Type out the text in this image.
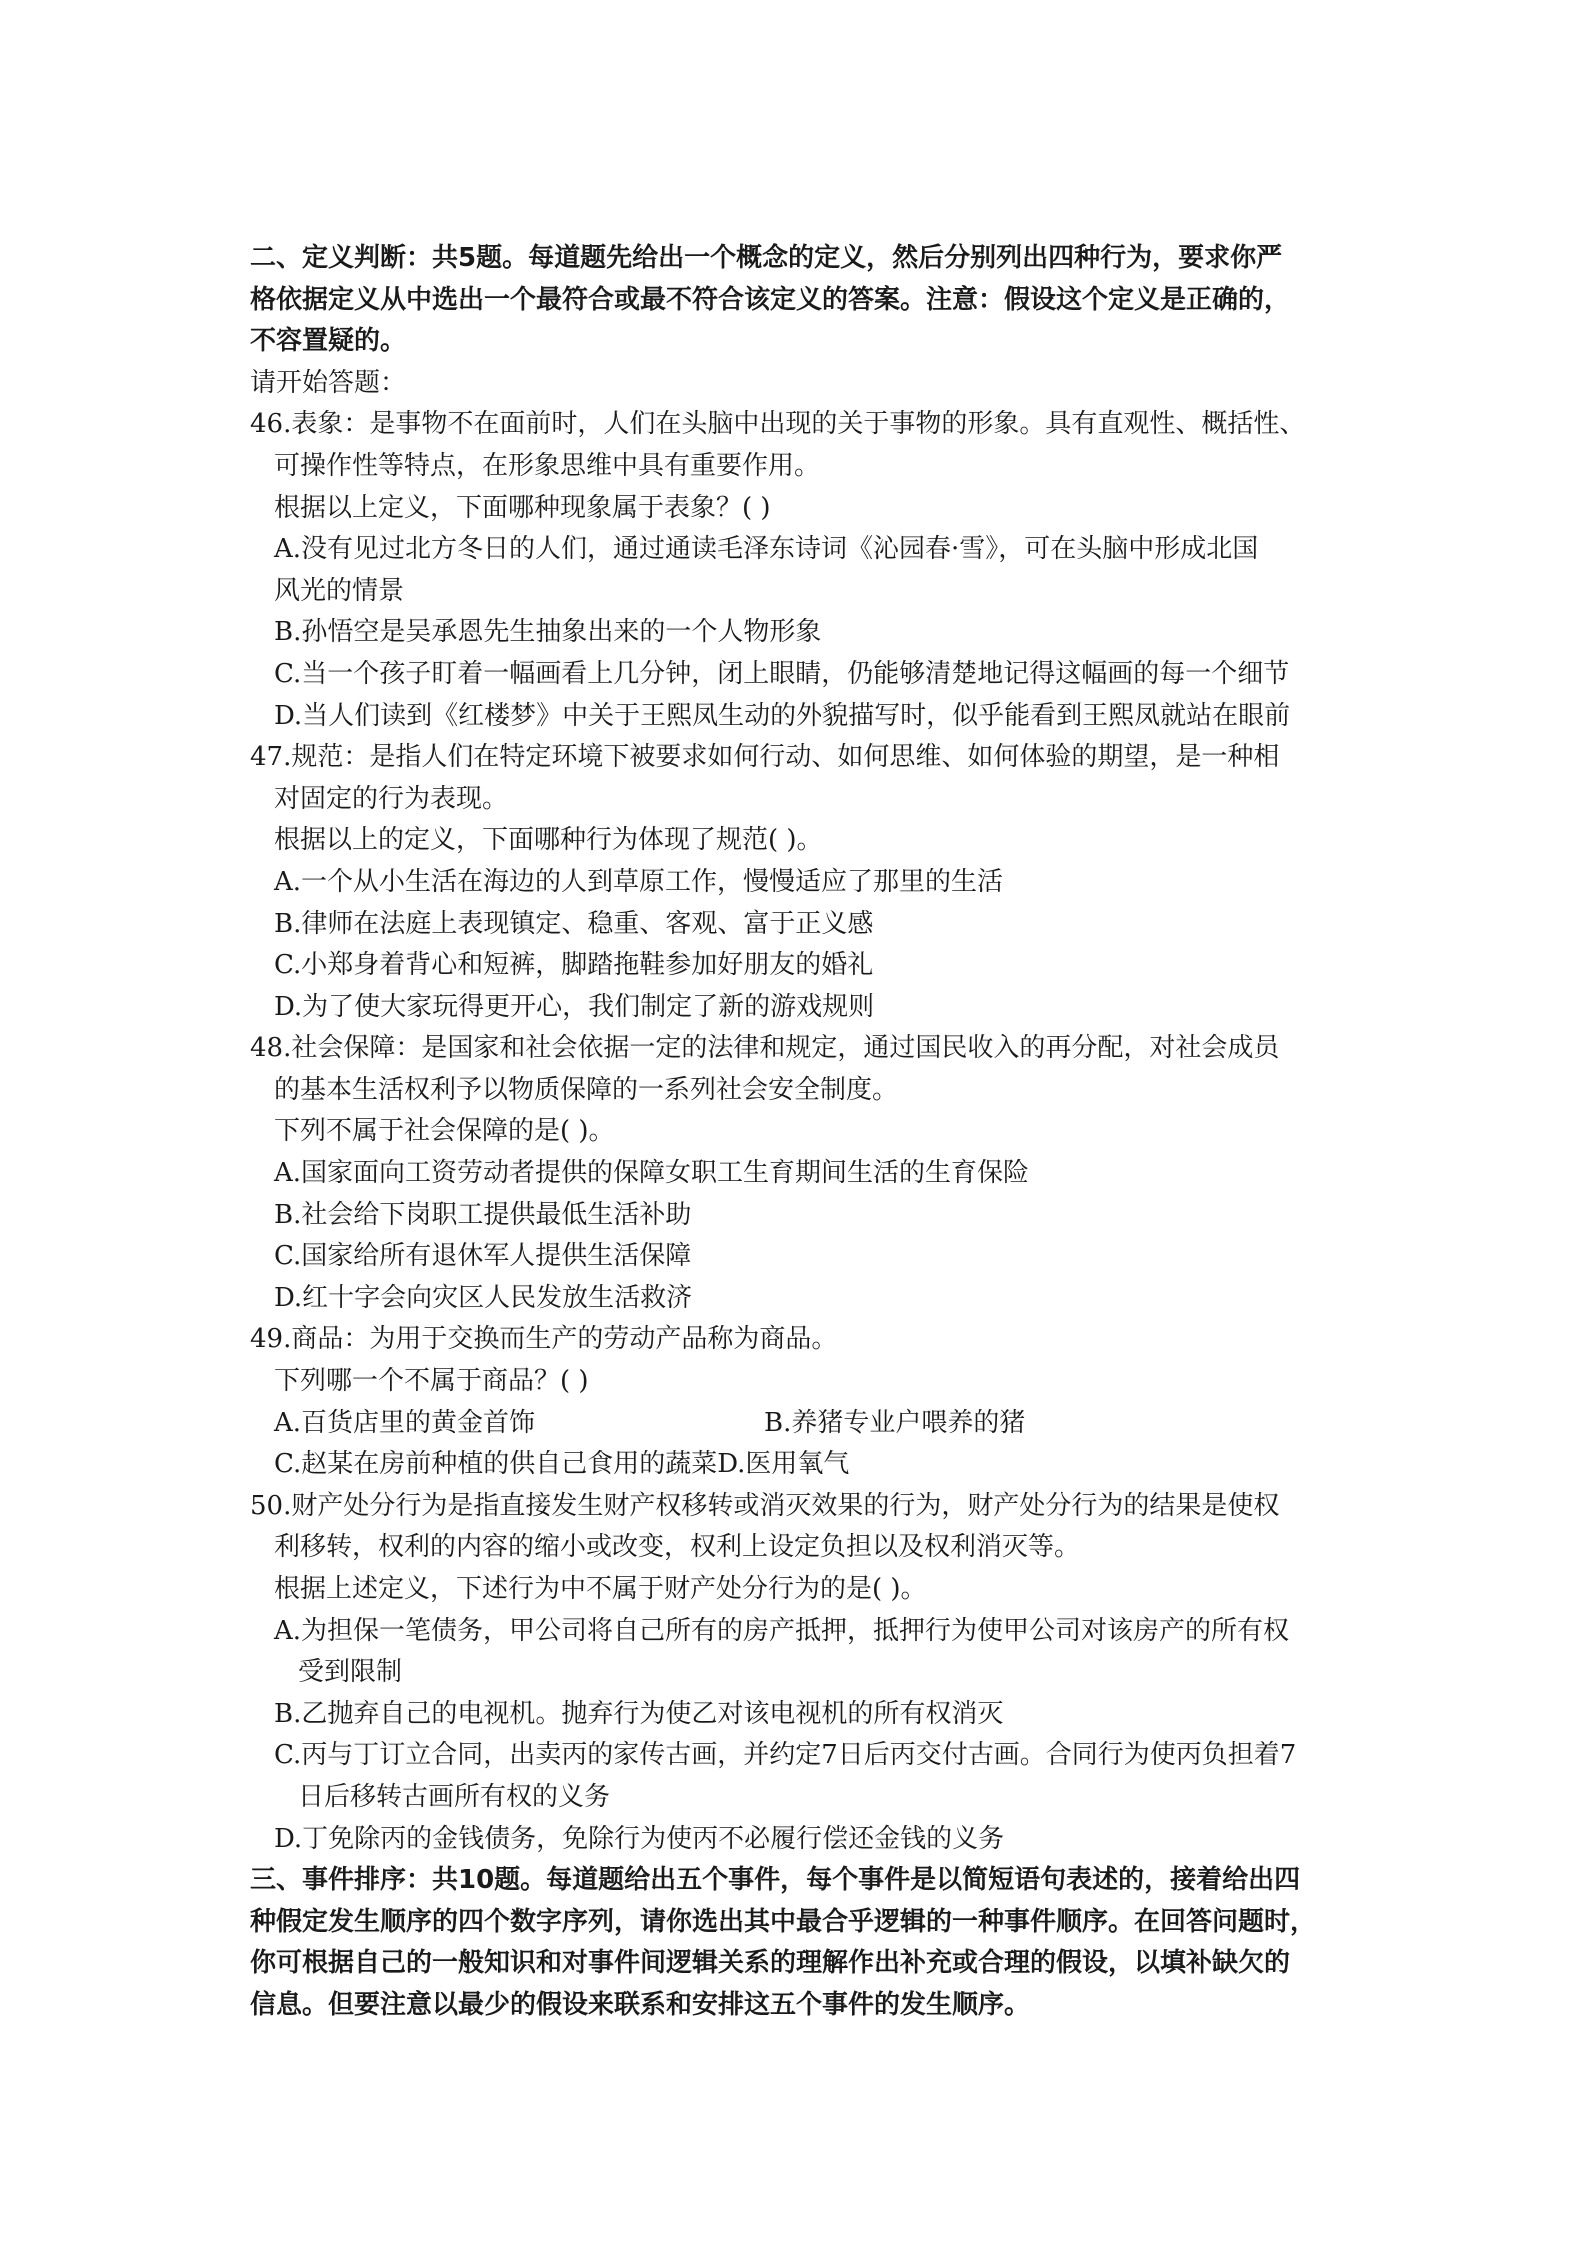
二、定义判断：共5题。每道题先给出一个概念的定义，然后分别列出四种行为，要求你严
格依据定义从中选出一个最符合或最不符合该定义的答案。注意：假设这个定义是正确的，
不容置疑的。
请开始答题：
46.表象：是事物不在面前时，人们在头脑中出现的关于事物的形象。具有直观性、概括性、
可操作性等特点，在形象思维中具有重要作用。
根据以上定义，下面哪种现象属于表象？( )
A.没有见过北方冬日的人们，通过通读毛泽东诗词《沁园春·雪》，可在头脑中形成北国
风光的情景
B.孙悟空是吴承恩先生抽象出来的一个人物形象
C.当一个孩子盯着一幅画看上几分钟，闭上眼睛，仍能够清楚地记得这幅画的每一个细节
D.当人们读到《红楼梦》中关于王熙凤生动的外貌描写时，似乎能看到王熙凤就站在眼前
47.规范：是指人们在特定环境下被要求如何行动、如何思维、如何体验的期望，是一种相
对固定的行为表现。
根据以上的定义，下面哪种行为体现了规范( )。
A.一个从小生活在海边的人到草原工作，慢慢适应了那里的生活
B.律师在法庭上表现镇定、稳重、客观、富于正义感
C.小郑身着背心和短裤，脚踏拖鞋参加好朋友的婚礼
D.为了使大家玩得更开心，我们制定了新的游戏规则
48.社会保障：是国家和社会依据一定的法律和规定，通过国民收入的再分配，对社会成员
的基本生活权利予以物质保障的一系列社会安全制度。
下列不属于社会保障的是( )。
A.国家面向工资劳动者提供的保障女职工生育期间生活的生育保险
B.社会给下岗职工提供最低生活补助
C.国家给所有退休军人提供生活保障
D.红十字会向灾区人民发放生活救济
49.商品：为用于交换而生产的劳动产品称为商品。
下列哪一个不属于商品？( )
A.百货店里的黄金首饰	B.养猪专业户喂养的猪
C.赵某在房前种植的供自己食用的蔬菜 D.医用氧气
50.财产处分行为是指直接发生财产权移转或消灭效果的行为，财产处分行为的结果是使权
利移转，权利的内容的缩小或改变，权利上设定负担以及权利消灭等。
根据上述定义，下述行为中不属于财产处分行为的是( )。
A.为担保一笔债务，甲公司将自己所有的房产抵押，抵押行为使甲公司对该房产的所有权
受到限制
B.乙抛弃自己的电视机。抛弃行为使乙对该电视机的所有权消灭
C.丙与丁订立合同，出卖丙的家传古画，并约定7日后丙交付古画。合同行为使丙负担着7
日后移转古画所有权的义务
D.丁免除丙的金钱债务，免除行为使丙不必履行偿还金钱的义务
三、事件排序：共10题。每道题给出五个事件，每个事件是以简短语句表述的，接着给出四
种假定发生顺序的四个数字序列，请你选出其中最合乎逻辑的一种事件顺序。在回答问题时，
你可根据自己的一般知识和对事件间逻辑关系的理解作出补充或合理的假设，以填补缺欠的
信息。但要注意以最少的假设来联系和安排这五个事件的发生顺序。
